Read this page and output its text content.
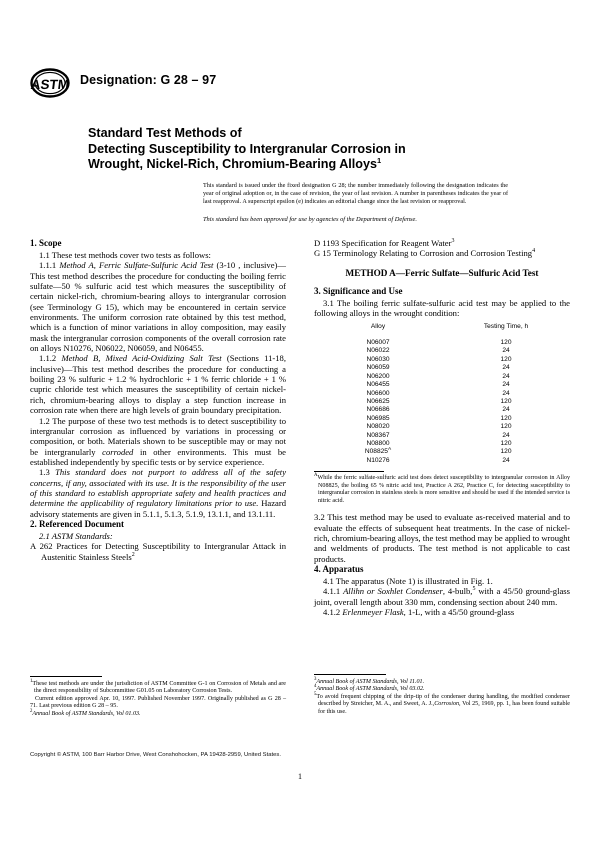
ASTM Designation: G 28 – 97
Standard Test Methods of
Detecting Susceptibility to Intergranular Corrosion in
Wrought, Nickel-Rich, Chromium-Bearing Alloys$^1$
This standard is issued under the fixed designation G 28; the number immediately following the designation indicates the year of original adoption or, in the case of revision, the year of last revision. A number in parentheses indicates the year of last reapproval. A superscript epsilon (e) indicates an editorial change since the last revision or reapproval.
This standard has been approved for use by agencies of the Department of Defense.
1. Scope

1.1 These test methods cover two tests as follows:

1.1.1 Method A, Ferric Sulfate-Sulfuric Acid Test (3-10 , inclusive)—This test method describes the procedure for conducting the boiling ferric sulfate—50 % sulfuric acid test which measures the susceptibility of certain nickel-rich, chromium-bearing alloys to intergranular corrosion (see Terminology G 15), which may be encountered in certain service environments. The uniform corrosion rate obtained by this test method, which is a function of minor variations in alloy composition, may easily mask the intergranular corrosion components of the overall corrosion rate on alloys N10276, N06022, N06059, and N06455.

1.1.2 Method B, Mixed Acid-Oxidizing Salt Test (Sections 11-18, inclusive)—This test method describes the procedure for conducting a boiling 23 % sulfuric + 1.2 % hydrochloric + 1 % ferric chloride + 1 % cupric chloride test which measures the susceptibility of certain nickel-rich, chromium-bearing alloys to display a step function increase in corrosion rate when there are high levels of grain boundary precipitation.

1.2 The purpose of these two test methods is to detect susceptibility to intergranular corrosion as influenced by variations in processing or composition, or both. Materials shown to be susceptible may or may not be intergranularly corroded in other environments. This must be established independently by specific tests or by service experience.

1.3 This standard does not purport to address all of the safety concerns, if any, associated with its use. It is the responsibility of the user of this standard to establish appropriate safety and health practices and determine the applicability of regulatory limitations prior to use. Hazard advisory statements are given in 5.1.1, 5.1.3, 5.1.9, 13.1.1, and 13.1.11.

2. Referenced Document

2.1 ASTM Standards:

A 262 Practices for Detecting Susceptibility to Intergranular Attack in Austenitic Stainless Steels$^2$

D 1193 Specification for Reagent Water$^3$

G 15 Terminology Relating to Corrosion and Corrosion Testing$^4$

METHOD A—Ferric Sulfate—Sulfuric Acid Test
3. Significance and Use

3.1 The boiling ferric sulfate-sulfuric acid test may be applied to the following alloys in the wrought condition:

Alloy	Testing Time, h
N06007	120
N06022	24
N06030	120
N06059	24
N06200	24
N06455	24
N06600	24
N06625	120
N06686	24
N06985	120
N08020	120
N08367	24
N08800	120
$N08825^A$	120
N10276	24

$^A$While the ferric sulfate-sulfuric acid test does detect susceptibility to intergranular corrosion in Alloy N08825, the boiling 65 % nitric acid test, Practice A 262, Practice C, for detecting susceptibility to intergranular corrosion in stainless steels is more sensitive and should be used if the intended service is nitric acid.

3.2 This test method may be used to evaluate as-received material and to evaluate the effects of subsequent heat treatments. In the case of nickel-rich, chromium-bearing alloys, the test method may be applied to wrought and weldments of products. The test method is not applicable to cast products.

4. Apparatus

4.1 The apparatus (Note 1) is illustrated in Fig. 1.

4.1.1 Allihn or Soxhlet Condenser, 4-bulb,$^5$ with a 45/50 ground-glass joint, overall length about 330 mm, condensing section about 240 mm.

4.1.2 Erlenmeyer Flask, 1-L, with a 45/50 ground-glass

$^1$These test methods are under the jurisdiction of ASTM Committee G-1 on Corrosion of Metals and are the direct responsibility of Subcommittee G01.05 on Laboratory Corrosion Tests.

Current edition approved Apr. 10, 1997. Published November 1997. Originally published as G 28 – 71. Last previous edition G 28 – 95.

$^2$Annual Book of ASTM Standards, Vol 01.03.

$^3$Annual Book of ASTM Standards, Vol 11.01.

$^4$Annual Book of ASTM Standards, Vol 03.02.

$^5$To avoid frequent chipping of the drip-tip of the condenser during handling, the modified condenser described by Streicher, M. A., and Sweet, A. J.,Corrosion, Vol 25, 1969, pp. 1, has been found suitable for this use.

Copyright © ASTM, 100 Barr Harbor Drive, West Conshohocken, PA 19428-2959, United States.
1
